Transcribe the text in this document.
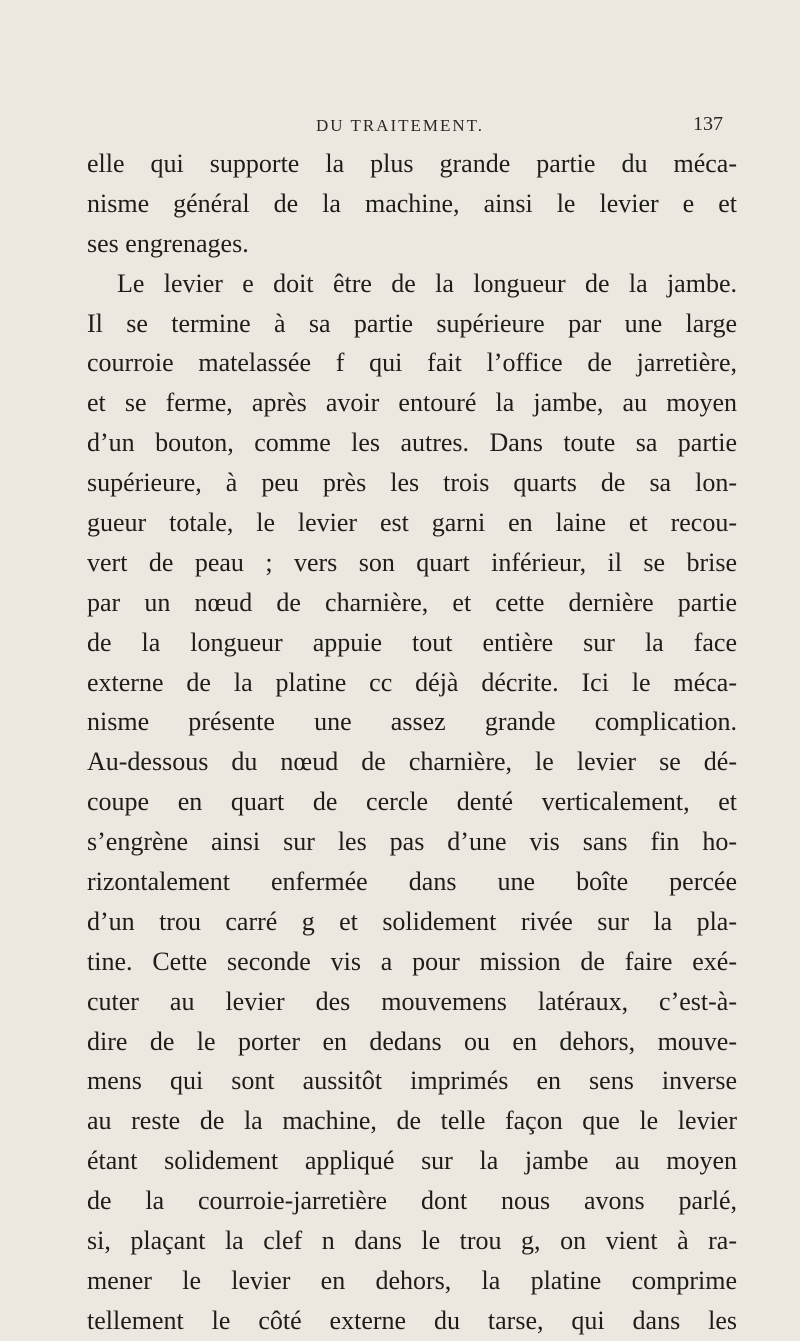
DU TRAITEMENT.	137
elle qui supporte la plus grande partie du méca-
nisme général de la machine, ainsi le levier e et
ses engrenages.
Le levier e doit être de la longueur de la jambe.
Il se termine à sa partie supérieure par une large
courroie matelassée f qui fait l’office de jarretière,
et se ferme, après avoir entouré la jambe, au moyen
d’un bouton, comme les autres. Dans toute sa partie
supérieure, à peu près les trois quarts de sa lon-
gueur totale, le levier est garni en laine et recou-
vert de peau ; vers son quart inférieur, il se brise
par un nœud de charnière, et cette dernière partie
de la longueur appuie tout entière sur la face
externe de la platine cc déjà décrite. Ici le méca-
nisme présente une assez grande complication.
Au-dessous du nœud de charnière, le levier se dé-
coupe en quart de cercle denté verticalement, et
s’engrène ainsi sur les pas d’une vis sans fin ho-
rizontalement enfermée dans une boîte percée
d’un trou carré g et solidement rivée sur la pla-
tine. Cette seconde vis a pour mission de faire exé-
cuter au levier des mouvemens latéraux, c’est-à-
dire de le porter en dedans ou en dehors, mouve-
mens qui sont aussitôt imprimés en sens inverse
au reste de la machine, de telle façon que le levier
étant solidement appliqué sur la jambe au moyen
de la courroie-jarretière dont nous avons parlé,
si, plaçant la clef n dans le trou g, on vient à ra-
mener le levier en dehors, la platine comprime
tellement le côté externe du tarse, qui dans les
